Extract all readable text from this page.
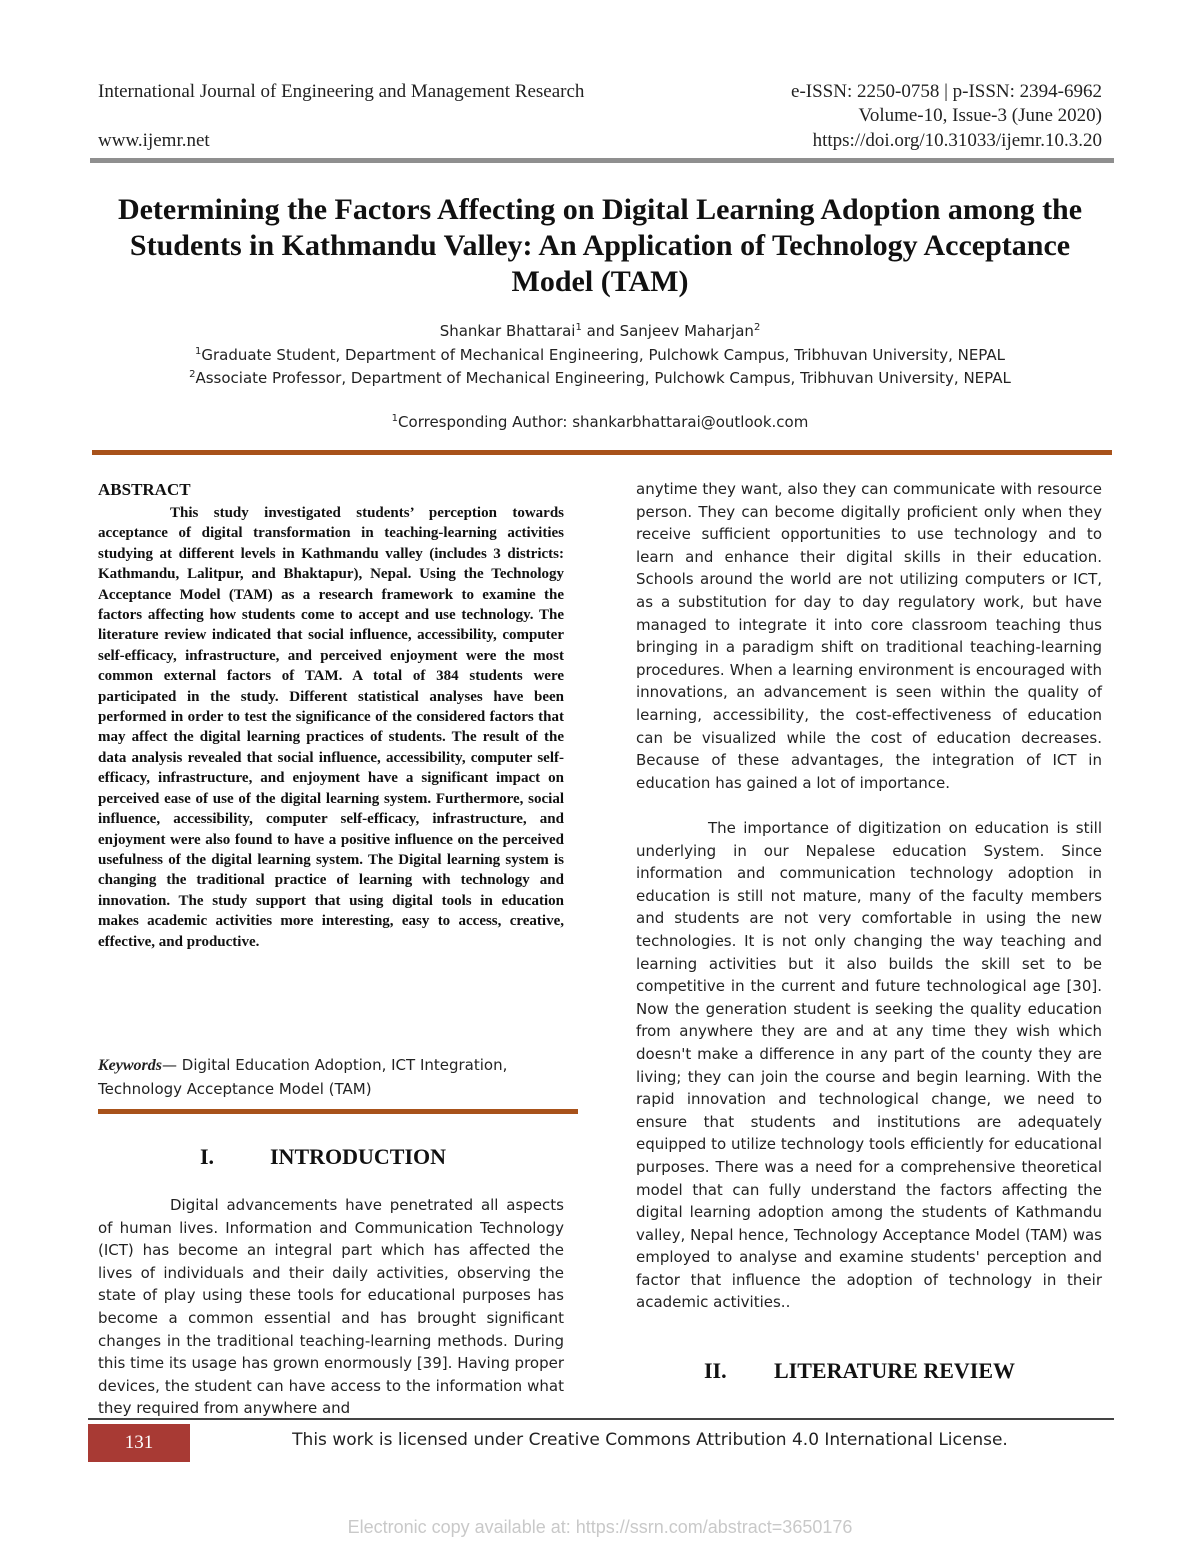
International Journal of Engineering and Management Research
www.ijemr.net
e-ISSN: 2250-0758 | p-ISSN: 2394-6962
Volume-10, Issue-3 (June 2020)
https://doi.org/10.31033/ijemr.10.3.20
Determining the Factors Affecting on Digital Learning Adoption among the Students in Kathmandu Valley: An Application of Technology Acceptance Model (TAM)
Shankar Bhattarai$^1$ and Sanjeev Maharjan$^2$
$^1$Graduate Student, Department of Mechanical Engineering, Pulchowk Campus, Tribhuvan University, NEPAL
$^2$Associate Professor, Department of Mechanical Engineering, Pulchowk Campus, Tribhuvan University, NEPAL
$^1$Corresponding Author: shankarbhattarai@outlook.com
ABSTRACT

This study investigated students’ perception towards acceptance of digital transformation in teaching-learning activities studying at different levels in Kathmandu valley (includes 3 districts: Kathmandu, Lalitpur, and Bhaktapur), Nepal. Using the Technology Acceptance Model (TAM) as a research framework to examine the factors affecting how students come to accept and use technology. The literature review indicated that social influence, accessibility, computer self-efficacy, infrastructure, and perceived enjoyment were the most common external factors of TAM. A total of 384 students were participated in the study. Different statistical analyses have been performed in order to test the significance of the considered factors that may affect the digital learning practices of students. The result of the data analysis revealed that social influence, accessibility, computer self-efficacy, infrastructure, and enjoyment have a significant impact on perceived ease of use of the digital learning system. Furthermore, social influence, accessibility, computer self-efficacy, infrastructure, and enjoyment were also found to have a positive influence on the perceived usefulness of the digital learning system. The Digital learning system is changing the traditional practice of learning with technology and innovation. The study support that using digital tools in education makes academic activities more interesting, easy to access, creative, effective, and productive.

Keywords— Digital Education Adoption, ICT Integration, Technology Acceptance Model (TAM)
I.	INTRODUCTION

Digital advancements have penetrated all aspects of human lives. Information and Communication Technology (ICT) has become an integral part which has affected the lives of individuals and their daily activities, observing the state of play using these tools for educational purposes has become a common essential and has brought significant changes in the traditional teaching-learning methods. During this time its usage has grown enormously [39]. Having proper devices, the student can have access to the information what they required from anywhere and

anytime they want, also they can communicate with resource person. They can become digitally proficient only when they receive sufficient opportunities to use technology and to learn and enhance their digital skills in their education. Schools around the world are not utilizing computers or ICT, as a substitution for day to day regulatory work, but have managed to integrate it into core classroom teaching thus bringing in a paradigm shift on traditional teaching-learning procedures. When a learning environment is encouraged with innovations, an advancement is seen within the quality of learning, accessibility, the cost-effectiveness of education can be visualized while the cost of education decreases. Because of these advantages, the integration of ICT in education has gained a lot of importance.

The importance of digitization on education is still underlying in our Nepalese education System. Since information and communication technology adoption in education is still not mature, many of the faculty members and students are not very comfortable in using the new technologies. It is not only changing the way teaching and learning activities but it also builds the skill set to be competitive in the current and future technological age [30]. Now the generation student is seeking the quality education from anywhere they are and at any time they wish which doesn't make a difference in any part of the county they are living; they can join the course and begin learning. With the rapid innovation and technological change, we need to ensure that students and institutions are adequately equipped to utilize technology tools efficiently for educational purposes. There was a need for a comprehensive theoretical model that can fully understand the factors affecting the digital learning adoption among the students of Kathmandu valley, Nepal hence, Technology Acceptance Model (TAM) was employed to analyse and examine students' perception and factor that influence the adoption of technology in their academic activities..

II. LITERATURE REVIEW
131	This work is licensed under Creative Commons Attribution 4.0 International License.
Electronic copy available at: https://ssrn.com/abstract=3650176
